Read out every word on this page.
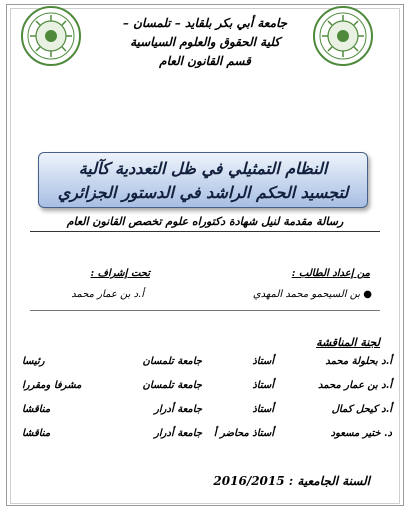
جامعة أبي بكر بلقايد – تلمسان –
كلية الحقوق والعلوم السياسية
قسم القانون العام
النظام التمثيلي في ظل التعددية كآلية
لتجسيد الحكم الراشد في الدستور الجزائري
رسالة مقدمة لنيل شهادة دكتوراه علوم تخصص القانون العام
من إعداد الطالب :
● بن السيحمو محمد المهدي
تحت إشراف :
أ.د بن عمار محمد
لجنة المناقشة
أ.د بحلولة محمد
أستاذ
جامعة تلمسان
رئيسا
أ.د بن عمار محمد
أستاذ
جامعة تلمسان
مشرفا ومقررا
أ.د كيحل كمال
أستاذ
جامعة أدرار
مناقشا
د. ختير مسعود
أستاذ محاضر أ
جامعة أدرار
مناقشا
السنة الجامعية : 2016/2015
